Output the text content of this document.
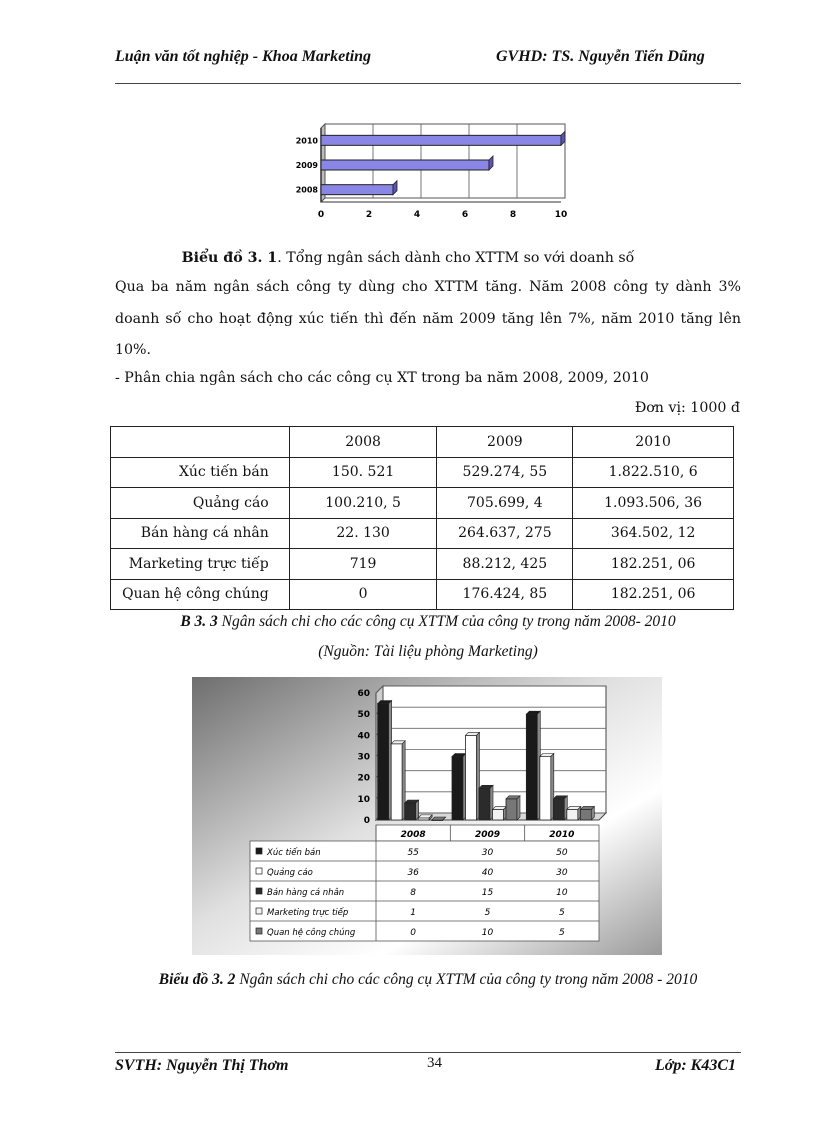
Luận văn tốt nghiệp - Khoa Marketing	GVHD: TS. Nguyễn Tiến Dũng
0	2	4	6	8	10
2008
2009
2010
Biểu đồ 3. 1. Tổng ngân sách dành cho XTTM so với doanh số
Qua ba năm ngân sách công ty dùng cho XTTM tăng. Năm 2008 công ty dành 3%
doanh số cho hoạt động xúc tiến thì đến năm 2009 tăng lên 7%, năm 2010 tăng lên
10%.
- Phân chia ngân sách cho các công cụ XT trong ba năm 2008, 2009, 2010
Đơn vị: 1000 đ
	2008	2009	2010
Xúc tiến bán	150. 521	529.274, 55	1.822.510, 6
Quảng cáo	100.210, 5	705.699, 4	1.093.506, 36
Bán hàng cá nhân	22. 130	264.637, 275	364.502, 12
Marketing trực tiếp	719	88.212, 425	182.251, 06
Quan hệ công chúng	0	176.424, 85	182.251, 06
B 3. 3 Ngân sách chi cho các công cụ XTTM của công ty trong năm 2008- 2010
(Nguồn: Tài liệu phòng Marketing)
0
10
20
30
40
50
60
2008	2009	2010
Xúc tiến bán	55	30	50
Quảng cáo	36	40	30
Bán hàng cá nhân	8	15	10
Marketing trực tiếp	1	5	5
Quan hệ công chúng	0	10	5
Biểu đồ 3. 2 Ngân sách chi cho các công cụ XTTM của công ty trong năm 2008 - 2010
SVTH: Nguyễn Thị Thơm	34	Lớp: K43C1
